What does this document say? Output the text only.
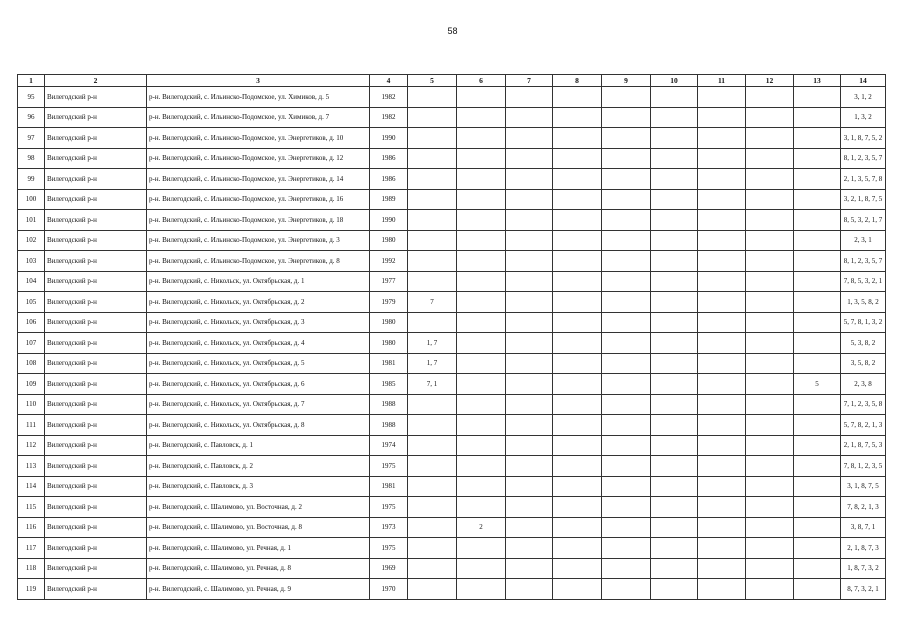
58
1	2	3	4	5	6	7	8	9	10	11	12	13	14
95	Вилегодский р-н	р-н. Вилегодский, с. Ильинско-Подомское, ул. Химиков, д. 5	1982										3, 1, 2
96	Вилегодский р-н	р-н. Вилегодский, с. Ильинско-Подомское, ул. Химиков, д. 7	1982										1, 3, 2
97	Вилегодский р-н	р-н. Вилегодский, с. Ильинско-Подомское, ул. Энергетиков, д. 10	1990										3, 1, 8, 7, 5, 2
98	Вилегодский р-н	р-н. Вилегодский, с. Ильинско-Подомское, ул. Энергетиков, д. 12	1986										8, 1, 2, 3, 5, 7
99	Вилегодский р-н	р-н. Вилегодский, с. Ильинско-Подомское, ул. Энергетиков, д. 14	1986										2, 1, 3, 5, 7, 8
100	Вилегодский р-н	р-н. Вилегодский, с. Ильинско-Подомское, ул. Энергетиков, д. 16	1989										3, 2, 1, 8, 7, 5
101	Вилегодский р-н	р-н. Вилегодский, с. Ильинско-Подомское, ул. Энергетиков, д. 18	1990										8, 5, 3, 2, 1, 7
102	Вилегодский р-н	р-н. Вилегодский, с. Ильинско-Подомское, ул. Энергетиков, д. 3	1980										2, 3, 1
103	Вилегодский р-н	р-н. Вилегодский, с. Ильинско-Подомское, ул. Энергетиков, д. 8	1992										8, 1, 2, 3, 5, 7
104	Вилегодский р-н	р-н. Вилегодский, с. Никольск, ул. Октябрьская, д. 1	1977										7, 8, 5, 3, 2, 1
105	Вилегодский р-н	р-н. Вилегодский, с. Никольск, ул. Октябрьская, д. 2	1979	7									1, 3, 5, 8, 2
106	Вилегодский р-н	р-н. Вилегодский, с. Никольск, ул. Октябрьская, д. 3	1980										5, 7, 8, 1, 3, 2
107	Вилегодский р-н	р-н. Вилегодский, с. Никольск, ул. Октябрьская, д. 4	1980	1, 7									5, 3, 8, 2
108	Вилегодский р-н	р-н. Вилегодский, с. Никольск, ул. Октябрьская, д. 5	1981	1, 7									3, 5, 8, 2
109	Вилегодский р-н	р-н. Вилегодский, с. Никольск, ул. Октябрьская, д. 6	1985	7, 1								5	2, 3, 8
110	Вилегодский р-н	р-н. Вилегодский, с. Никольск, ул. Октябрьская, д. 7	1988										7, 1, 2, 3, 5, 8
111	Вилегодский р-н	р-н. Вилегодский, с. Никольск, ул. Октябрьская, д. 8	1988										5, 7, 8, 2, 1, 3
112	Вилегодский р-н	р-н. Вилегодский, с. Павловск, д. 1	1974										2, 1, 8, 7, 5, 3
113	Вилегодский р-н	р-н. Вилегодский, с. Павловск, д. 2	1975										7, 8, 1, 2, 3, 5
114	Вилегодский р-н	р-н. Вилегодский, с. Павловск, д. 3	1981										3, 1, 8, 7, 5
115	Вилегодский р-н	р-н. Вилегодский, с. Шалимово, ул. Восточная, д. 2	1975										7, 8, 2, 1, 3
116	Вилегодский р-н	р-н. Вилегодский, с. Шалимово, ул. Восточная, д. 8	1973		2								3, 8, 7, 1
117	Вилегодский р-н	р-н. Вилегодский, с. Шалимово, ул. Речная, д. 1	1975										2, 1, 8, 7, 3
118	Вилегодский р-н	р-н. Вилегодский, с. Шалимово, ул. Речная, д. 8	1969										1, 8, 7, 3, 2
119	Вилегодский р-н	р-н. Вилегодский, с. Шалимово, ул. Речная, д. 9	1970										8, 7, 3, 2, 1
